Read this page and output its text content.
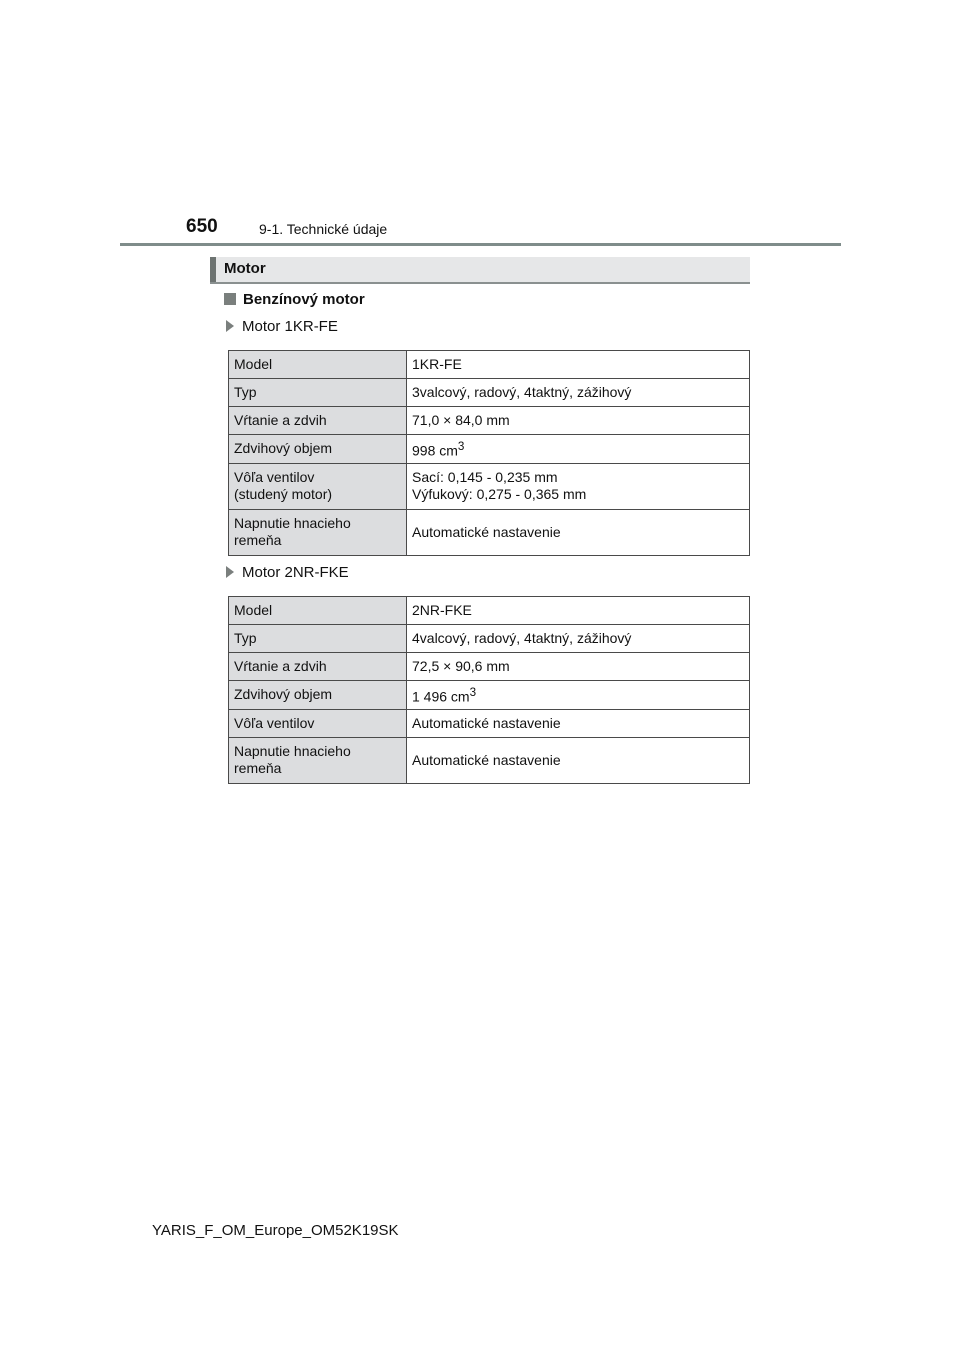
650	9-1. Technické údaje
Motor
Benzínový motor
Motor 1KR-FE
Model	1KR-FE

Typ	3valcový, radový, 4taktný, zážihový

Vŕtanie a zdvih	71,0 × 84,0 mm

Zdvihový objem	998 $cm^3$

Vôľa ventilov
(studený motor)	Sací: 0,145 - 0,235 mm
Výfukový: 0,275 - 0,365 mm

Napnutie hnacieho
remeňa	Automatické nastavenie
Motor 2NR-FKE
Model	2NR-FKE

Typ	4valcový, radový, 4taktný, zážihový

Vŕtanie a zdvih	72,5 × 90,6 mm

Zdvihový objem	1 496 $cm^3$

Vôľa ventilov	Automatické nastavenie

Napnutie hnacieho
remeňa	Automatické nastavenie
YARIS_F_OM_Europe_OM52K19SK
